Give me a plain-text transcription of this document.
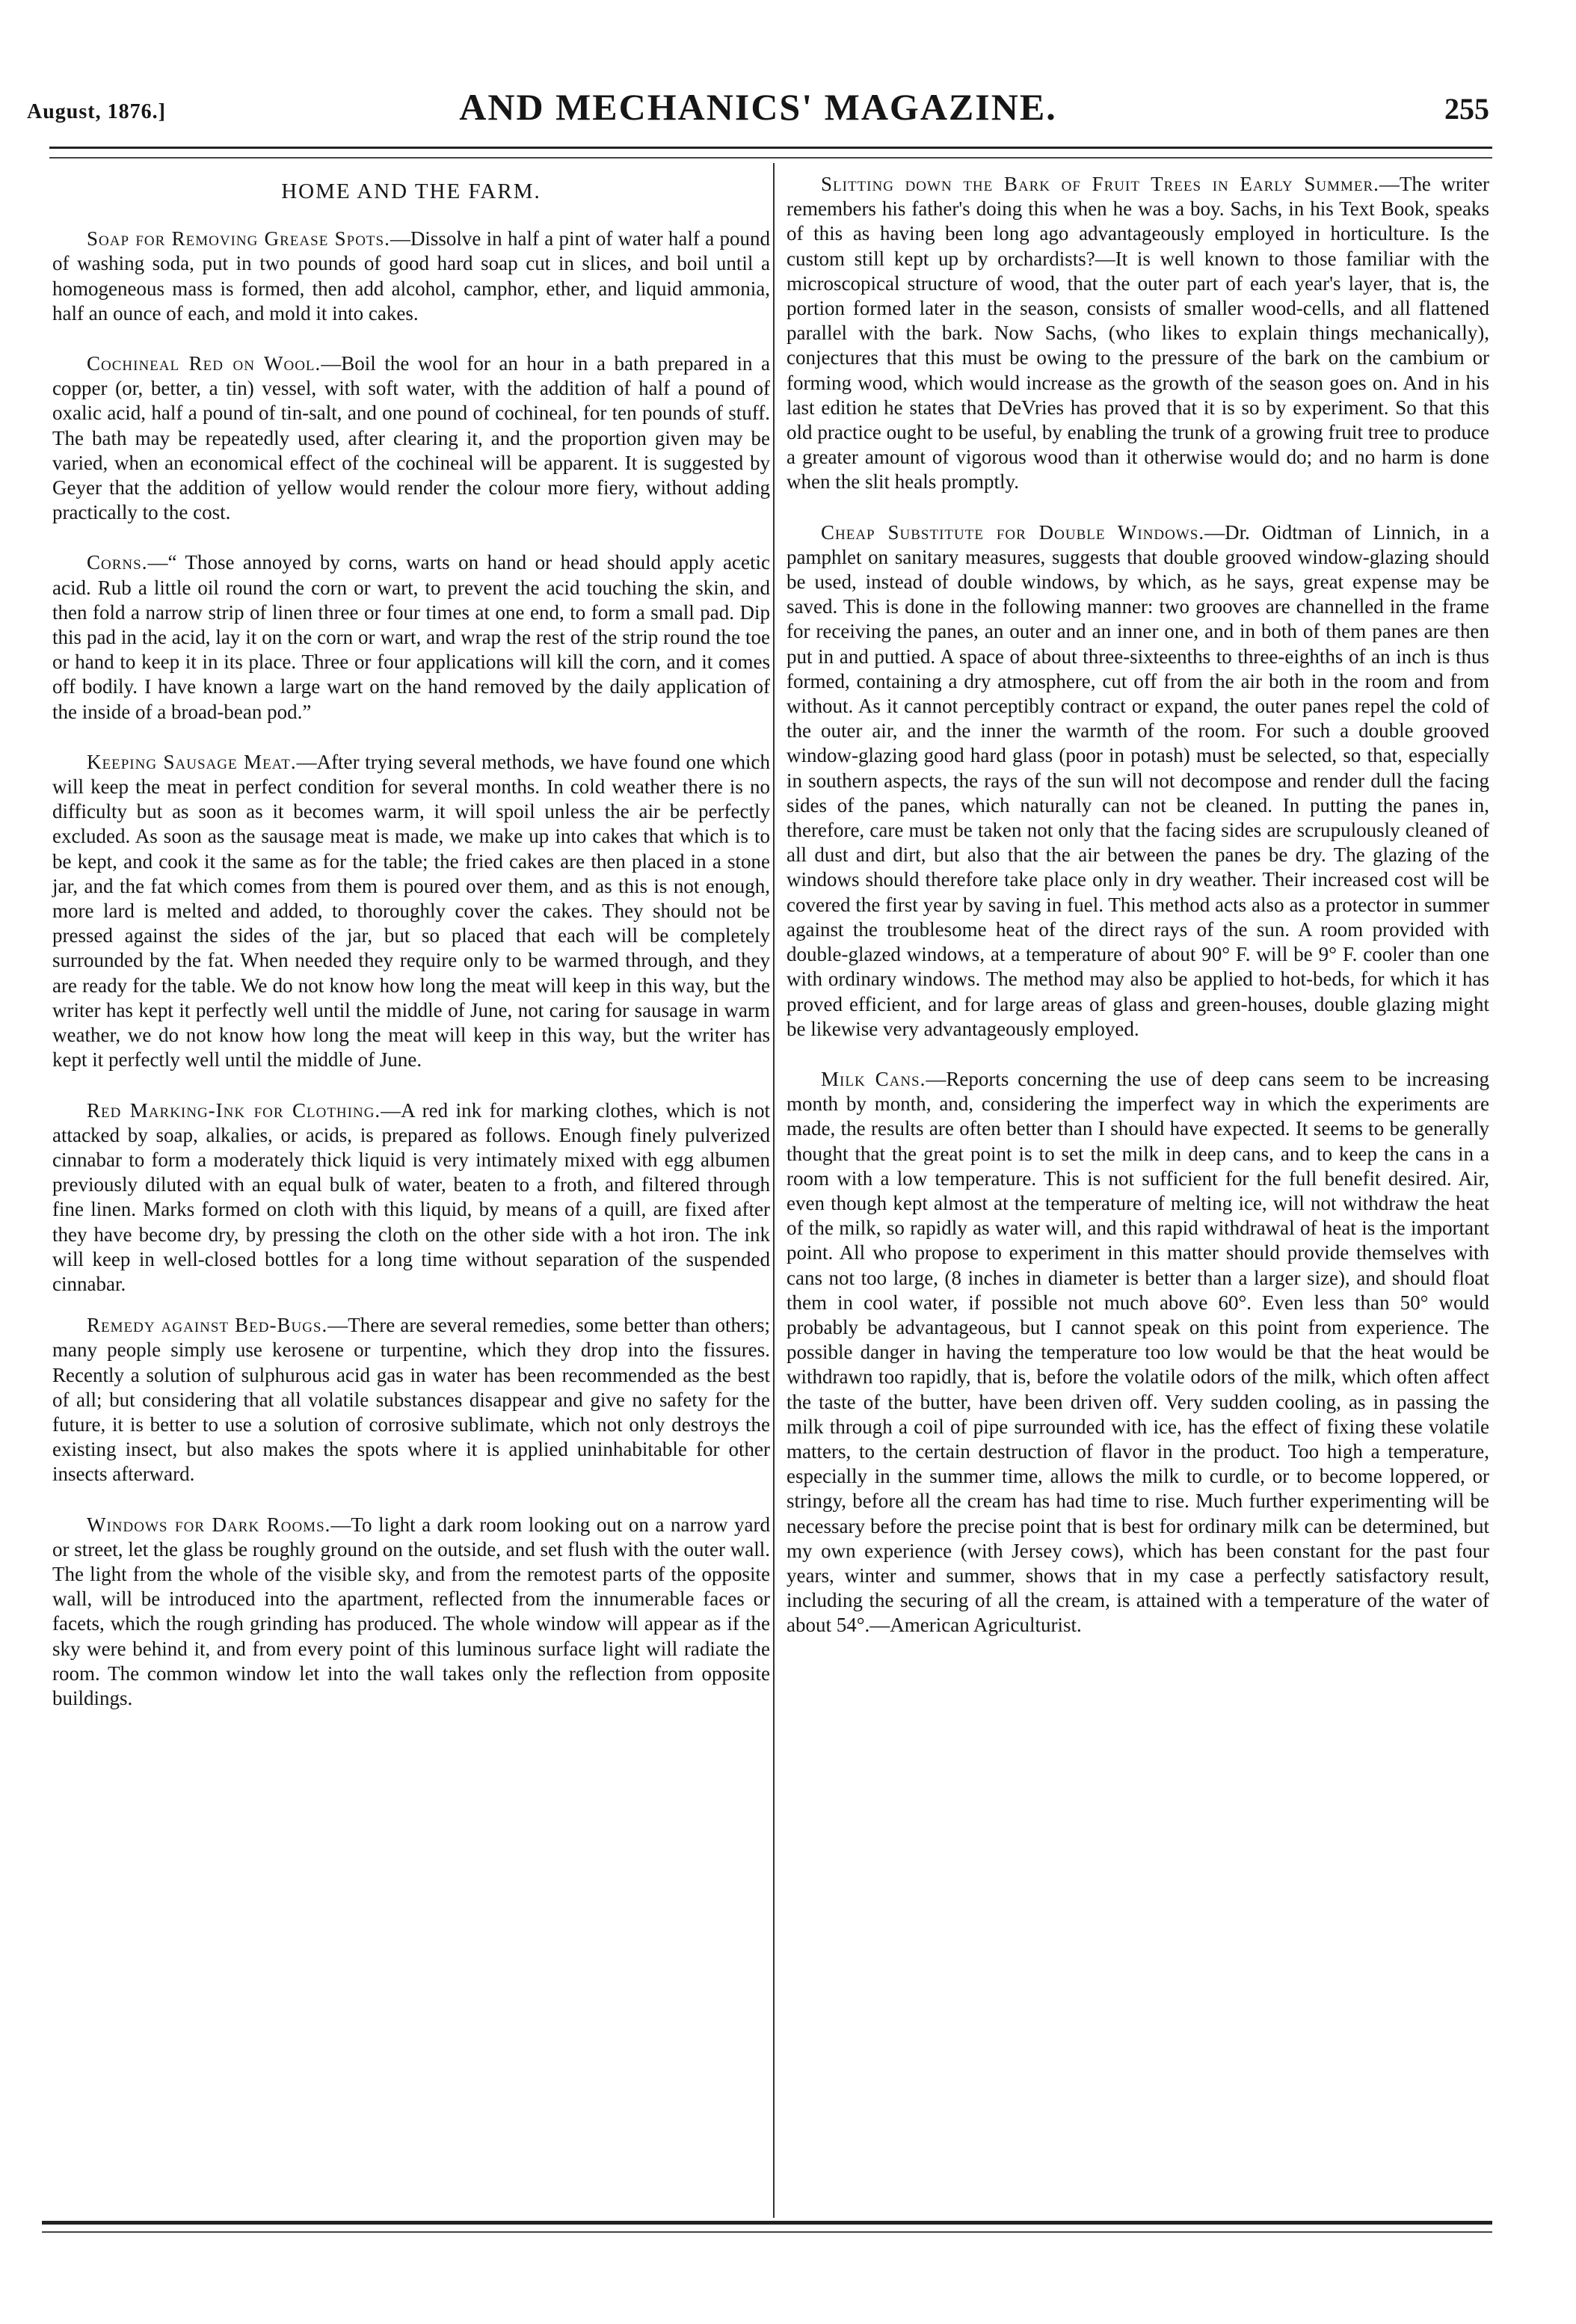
August, 1876.]	AND MECHANICS' MAGAZINE.	255
HOME AND THE FARM.

Soap for Removing Grease Spots.—Dissolve in half a pint of water half a pound of washing soda, put in two pounds of good hard soap cut in slices, and boil until a homogeneous mass is formed, then add alcohol, camphor, ether, and liquid ammonia, half an ounce of each, and mold it into cakes.

Cochineal Red on Wool.—Boil the wool for an hour in a bath prepared in a copper (or, better, a tin) vessel, with soft water, with the addition of half a pound of oxalic acid, half a pound of tin-salt, and one pound of cochineal, for ten pounds of stuff. The bath may be repeatedly used, after clearing it, and the proportion given may be varied, when an economical effect of the cochineal will be apparent. It is suggested by Geyer that the addition of yellow would render the colour more fiery, without adding practically to the cost.

Corns.—“ Those annoyed by corns, warts on hand or head should apply acetic acid. Rub a little oil round the corn or wart, to prevent the acid touching the skin, and then fold a narrow strip of linen three or four times at one end, to form a small pad. Dip this pad in the acid, lay it on the corn or wart, and wrap the rest of the strip round the toe or hand to keep it in its place. Three or four applications will kill the corn, and it comes off bodily. I have known a large wart on the hand removed by the daily application of the inside of a broad-bean pod.”

Keeping Sausage Meat.—After trying several methods, we have found one which will keep the meat in perfect condition for several months. In cold weather there is no difficulty but as soon as it becomes warm, it will spoil unless the air be perfectly excluded. As soon as the sausage meat is made, we make up into cakes that which is to be kept, and cook it the same as for the table; the fried cakes are then placed in a stone jar, and the fat which comes from them is poured over them, and as this is not enough, more lard is melted and added, to thoroughly cover the cakes. They should not be pressed against the sides of the jar, but so placed that each will be completely surrounded by the fat. When needed they require only to be warmed through, and they are ready for the table. We do not know how long the meat will keep in this way, but the writer has kept it perfectly well until the middle of June, not caring for sausage in warm weather, we do not know how long the meat will keep in this way, but the writer has kept it perfectly well until the middle of June.

Red Marking-Ink for Clothing.—A red ink for marking clothes, which is not attacked by soap, alkalies, or acids, is prepared as follows. Enough finely pulverized cinnabar to form a moderately thick liquid is very intimately mixed with egg albumen previously diluted with an equal bulk of water, beaten to a froth, and filtered through fine linen. Marks formed on cloth with this liquid, by means of a quill, are fixed after they have become dry, by pressing the cloth on the other side with a hot iron. The ink will keep in well-closed bottles for a long time without separation of the suspended cinnabar.

Remedy against Bed-Bugs.—There are several remedies, some better than others; many people simply use kerosene or turpentine, which they drop into the fissures. Recently a solution of sulphurous acid gas in water has been recommended as the best of all; but considering that all volatile substances disappear and give no safety for the future, it is better to use a solution of corrosive sublimate, which not only destroys the existing insect, but also makes the spots where it is applied uninhabitable for other insects afterward.

Windows for Dark Rooms.—To light a dark room looking out on a narrow yard or street, let the glass be roughly ground on the outside, and set flush with the outer wall. The light from the whole of the visible sky, and from the remotest parts of the opposite wall, will be introduced into the apartment, reflected from the innumerable faces or facets, which the rough grinding has produced. The whole window will appear as if the sky were behind it, and from every point of this luminous surface light will radiate the room. The common window let into the wall takes only the reflection from opposite buildings.

Slitting down the Bark of Fruit Trees in Early Summer.—The writer remembers his father's doing this when he was a boy. Sachs, in his Text Book, speaks of this as having been long ago advantageously employed in horticulture. Is the custom still kept up by orchardists?—It is well known to those familiar with the microscopical structure of wood, that the outer part of each year's layer, that is, the portion formed later in the season, consists of smaller wood-cells, and all flattened parallel with the bark. Now Sachs, (who likes to explain things mechanically), conjectures that this must be owing to the pressure of the bark on the cambium or forming wood, which would increase as the growth of the season goes on. And in his last edition he states that DeVries has proved that it is so by experiment. So that this old practice ought to be useful, by enabling the trunk of a growing fruit tree to produce a greater amount of vigorous wood than it otherwise would do; and no harm is done when the slit heals promptly.

Cheap Substitute for Double Windows.—Dr. Oidtman of Linnich, in a pamphlet on sanitary measures, suggests that double grooved window-glazing should be used, instead of double windows, by which, as he says, great expense may be saved. This is done in the following manner: two grooves are channelled in the frame for receiving the panes, an outer and an inner one, and in both of them panes are then put in and puttied. A space of about three-sixteenths to three-eighths of an inch is thus formed, containing a dry atmosphere, cut off from the air both in the room and from without. As it cannot perceptibly contract or expand, the outer panes repel the cold of the outer air, and the inner the warmth of the room. For such a double grooved window-glazing good hard glass (poor in potash) must be selected, so that, especially in southern aspects, the rays of the sun will not decompose and render dull the facing sides of the panes, which naturally can not be cleaned. In putting the panes in, therefore, care must be taken not only that the facing sides are scrupulously cleaned of all dust and dirt, but also that the air between the panes be dry. The glazing of the windows should therefore take place only in dry weather. Their increased cost will be covered the first year by saving in fuel. This method acts also as a protector in summer against the troublesome heat of the direct rays of the sun. A room provided with double-glazed windows, at a temperature of about 90° F. will be 9° F. cooler than one with ordinary windows. The method may also be applied to hot-beds, for which it has proved efficient, and for large areas of glass and green-houses, double glazing might be likewise very advantageously employed.

Milk Cans.—Reports concerning the use of deep cans seem to be increasing month by month, and, considering the imperfect way in which the experiments are made, the results are often better than I should have expected. It seems to be generally thought that the great point is to set the milk in deep cans, and to keep the cans in a room with a low temperature. This is not sufficient for the full benefit desired. Air, even though kept almost at the temperature of melting ice, will not withdraw the heat of the milk, so rapidly as water will, and this rapid withdrawal of heat is the important point. All who propose to experiment in this matter should provide themselves with cans not too large, (8 inches in diameter is better than a larger size), and should float them in cool water, if possible not much above 60°. Even less than 50° would probably be advantageous, but I cannot speak on this point from experience. The possible danger in having the temperature too low would be that the heat would be withdrawn too rapidly, that is, before the volatile odors of the milk, which often affect the taste of the butter, have been driven off. Very sudden cooling, as in passing the milk through a coil of pipe surrounded with ice, has the effect of fixing these volatile matters, to the certain destruction of flavor in the product. Too high a temperature, especially in the summer time, allows the milk to curdle, or to become loppered, or stringy, before all the cream has had time to rise. Much further experimenting will be necessary before the precise point that is best for ordinary milk can be determined, but my own experience (with Jersey cows), which has been constant for the past four years, winter and summer, shows that in my case a perfectly satisfactory result, including the securing of all the cream, is attained with a temperature of the water of about 54°.—American Agriculturist.
